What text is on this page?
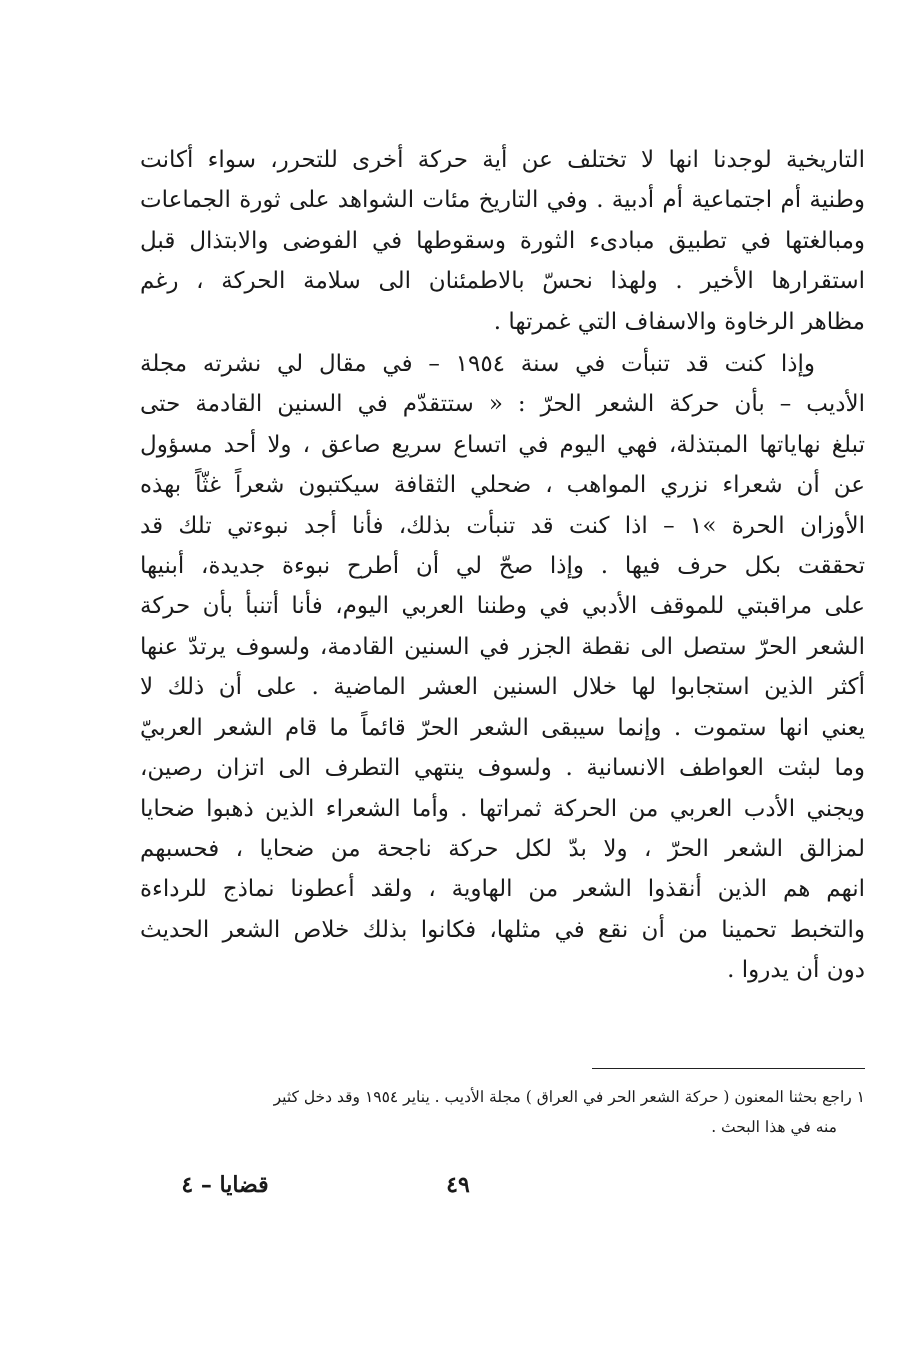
التاريخية لوجدنا انها لا تختلف عن أية حركة أخرى للتحرر، سواء أكانت
وطنية أم اجتماعية أم أدبية . وفي التاريخ مئات الشواهد على ثورة الجماعات
ومبالغتها في تطبيق مبادىء الثورة وسقوطها في الفوضى والابتذال قبل
استقرارها الأخير . ولهذا نحسّ بالاطمئنان الى سلامة الحركة ، رغم
مظاهر الرخاوة والاسفاف التي غمرتها .

وإذا كنت قد تنبأت في سنة ١٩٥٤ – في مقال لي نشرته مجلة
الأديب – بأن حركة الشعر الحرّ : « ستتقدّم في السنين القادمة حتى
تبلغ نهاياتها المبتذلة، فهي اليوم في اتساع سريع صاعق ، ولا أحد مسؤول
عن أن شعراء نزري المواهب ، ضحلي الثقافة سيكتبون شعراً غثّاً بهذه
الأوزان الحرة »١ – اذا كنت قد تنبأت بذلك، فأنا أجد نبوءتي تلك قد
تحققت بكل حرف فيها . وإذا صحّ لي أن أطرح نبوءة جديدة، أبنيها
على مراقبتي للموقف الأدبي في وطننا العربي اليوم، فأنا أتنبأ بأن حركة
الشعر الحرّ ستصل الى نقطة الجزر في السنين القادمة، ولسوف يرتدّ عنها
أكثر الذين استجابوا لها خلال السنين العشر الماضية . على أن ذلك لا
يعني انها ستموت . وإنما سيبقى الشعر الحرّ قائماً ما قام الشعر العربيّ
وما لبثت العواطف الانسانية . ولسوف ينتهي التطرف الى اتزان رصين،
ويجني الأدب العربي من الحركة ثمراتها . وأما الشعراء الذين ذهبوا ضحايا
لمزالق الشعر الحرّ ، ولا بدّ لكل حركة ناجحة من ضحايا ، فحسبهم
انهم هم الذين أنقذوا الشعر من الهاوية ، ولقد أعطونا نماذج للرداءة
والتخبط تحمينا من أن نقع في مثلها، فكانوا بذلك خلاص الشعر الحديث
دون أن يدروا .

١ راجع بحثنا المعنون ( حركة الشعر الحر في العراق ) مجلة الأديب . يناير ١٩٥٤ وقد دخل كثير
منه في هذا البحث .
٤٩
قضايا – ٤
